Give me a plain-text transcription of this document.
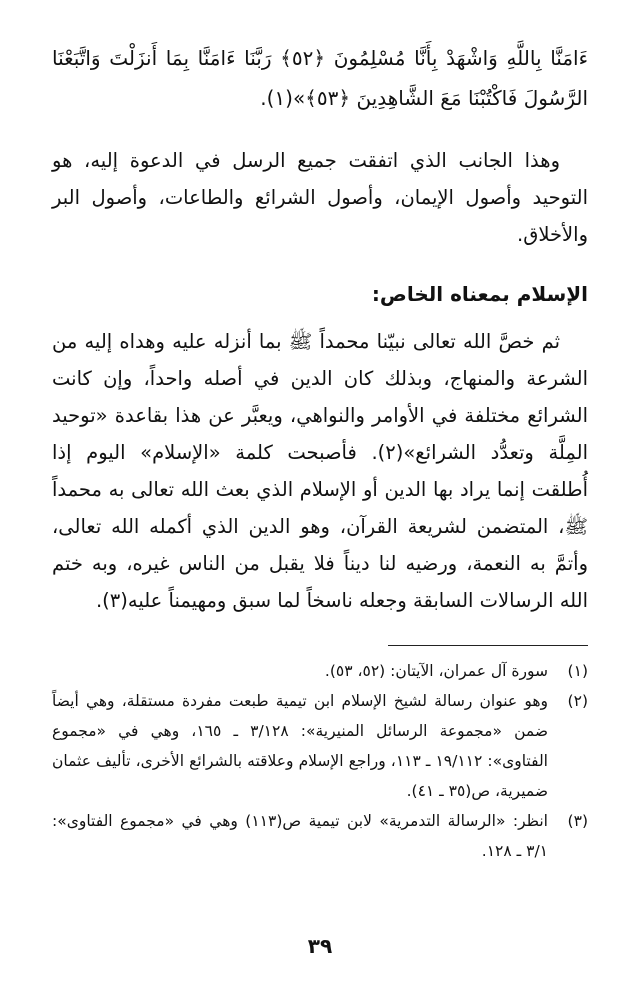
ءَامَنَّا بِاللَّهِ وَاشْهَدْ بِأَنَّا مُسْلِمُونَ ﴿٥٢﴾ رَبَّنَا ءَامَنَّا بِمَا أَنزَلْتَ وَاتَّبَعْنَا الرَّسُولَ فَاكْتُبْنَا مَعَ الشَّاهِدِينَ ﴿٥٣﴾»(١).

وهذا الجانب الذي اتفقت جميع الرسل في الدعوة إليه، هو التوحيد وأصول الإيمان، وأصول الشرائع والطاعات، وأصول البر والأخلاق.

الإسلام بمعناه الخاص:

ثم خصَّ الله تعالى نبيّنا محمداً ﷺ بما أنزله عليه وهداه إليه من الشرعة والمنهاج، وبذلك كان الدين في أصله واحداً، وإن كانت الشرائع مختلفة في الأوامر والنواهي، ويعبَّر عن هذا بقاعدة «توحيد المِلَّة وتعدُّد الشرائع»(٢). فأصبحت كلمة «الإسلام» اليوم إذا أُطلقت إنما يراد بها الدين أو الإسلام الذي بعث الله تعالى به محمداً ﷺ، المتضمن لشريعة القرآن، وهو الدين الذي أكمله الله تعالى، وأتمَّ به النعمة، ورضيه لنا ديناً فلا يقبل من الناس غيره، وبه ختم الله الرسالات السابقة وجعله ناسخاً لما سبق ومهيمناً عليه(٣).

(١)
سورة آل عمران، الآيتان: (٥٢، ٥٣).
(٢)
وهو عنوان رسالة لشيخ الإسلام ابن تيمية طبعت مفردة مستقلة، وهي أيضاً ضمن «مجموعة الرسائل المنيرية»: ٣/١٢٨ ـ ١٦٥، وهي في «مجموع الفتاوى»: ١٩/١١٢ ـ ١١٣، وراجع الإسلام وعلاقته بالشرائع الأخرى، تأليف عثمان ضميرية، ص(٣٥ ـ ٤١).
(٣)
انظر: «الرسالة التدمرية» لابن تيمية ص(١١٣) وهي في «مجموع الفتاوى»: ٣/١ ـ ١٢٨.
٣٩
